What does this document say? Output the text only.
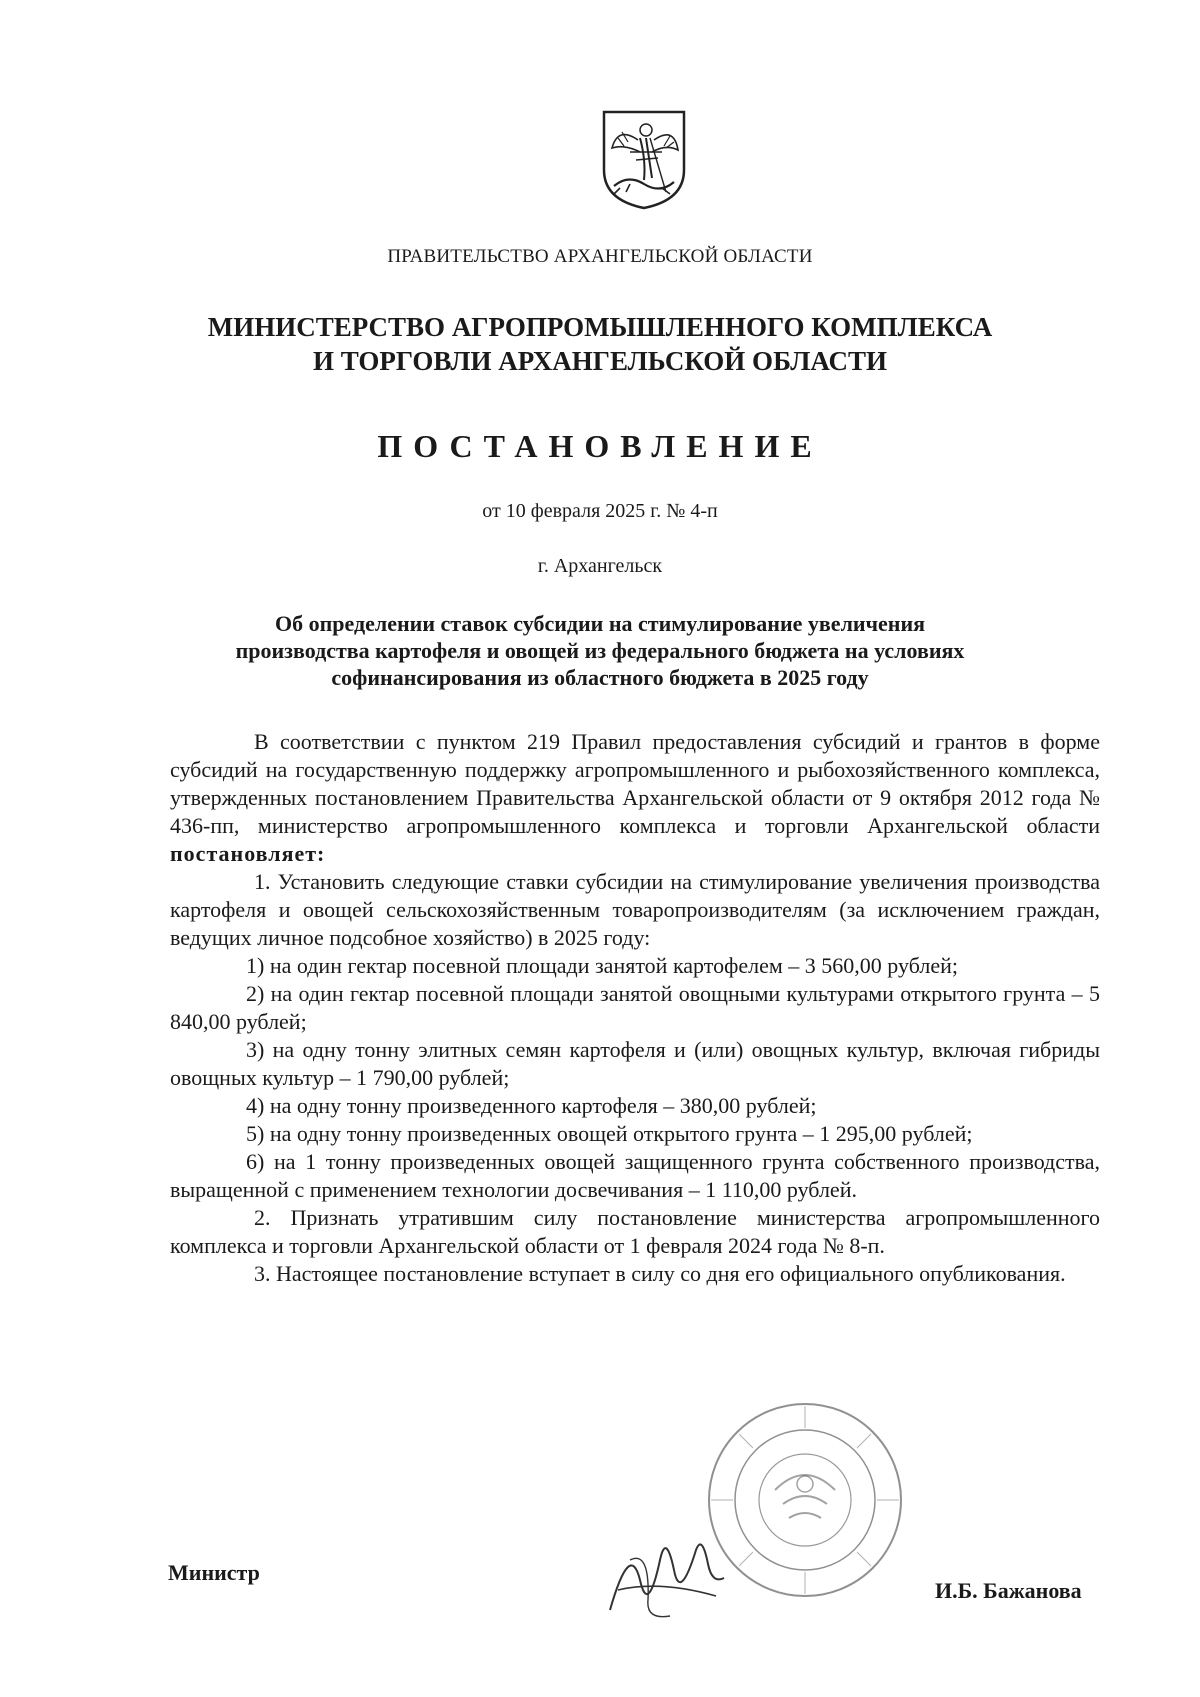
ПРАВИТЕЛЬСТВО АРХАНГЕЛЬСКОЙ ОБЛАСТИ
МИНИСТЕРСТВО АГРОПРОМЫШЛЕННОГО КОМПЛЕКСА
И ТОРГОВЛИ АРХАНГЕЛЬСКОЙ ОБЛАСТИ
ПОСТАНОВЛЕНИЕ
от 10 февраля 2025 г. № 4-п
г. Архангельск
Об определении ставок субсидии на стимулирование увеличения
производства картофеля и овощей из федерального бюджета на условиях
софинансирования из областного бюджета в 2025 году

В соответствии с пунктом 219 Правил предоставления субсидий и грантов в форме субсидий на государственную поддержку агропромышленного и рыбохозяйственного комплекса, утвержденных постановлением Правительства Архангельской области от 9 октября 2012 года № 436-пп, министерство агропромышленного комплекса и торговли Архангельской области постановляет:

1. Установить следующие ставки субсидии на стимулирование увеличения производства картофеля и овощей сельскохозяйственным товаропроизводителям (за исключением граждан, ведущих личное подсобное хозяйство) в 2025 году:

1) на один гектар посевной площади занятой картофелем – 3 560,00 рублей;

2) на один гектар посевной площади занятой овощными культурами открытого грунта – 5 840,00 рублей;

3) на одну тонну элитных семян картофеля и (или) овощных культур, включая гибриды овощных культур – 1 790,00 рублей;

4) на одну тонну произведенного картофеля – 380,00 рублей;

5) на одну тонну произведенных овощей открытого грунта – 1 295,00 рублей;

6) на 1 тонну произведенных овощей защищенного грунта собственного производства, выращенной с применением технологии досвечивания – 1 110,00 рублей.

2. Признать утратившим силу постановление министерства агропромышленного комплекса и торговли Архангельской области от 1 февраля 2024 года № 8-п.

3. Настоящее постановление вступает в силу со дня его официального опубликования.

Министр
И.Б. Бажанова
